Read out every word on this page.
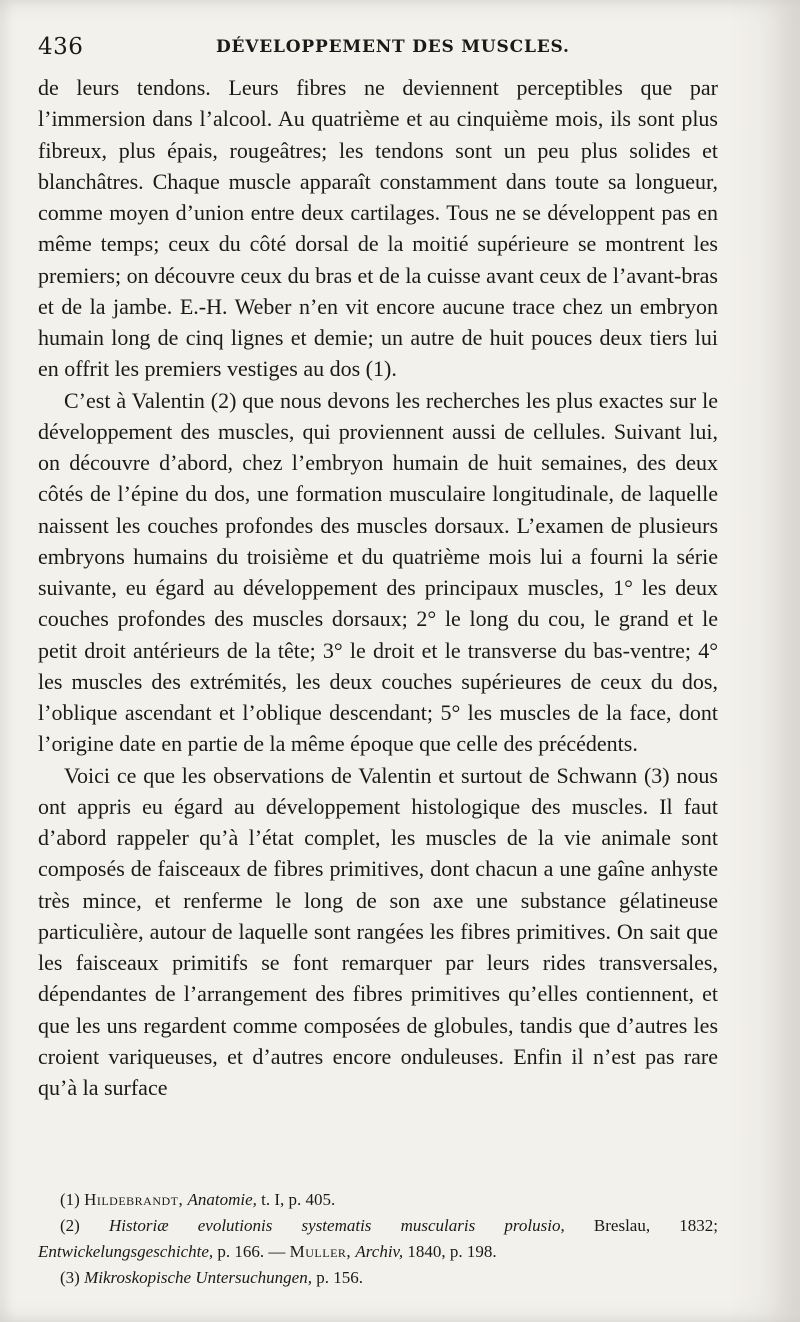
436	DÉVELOPPEMENT DES MUSCLES.

de leurs tendons. Leurs fibres ne deviennent perceptibles que par l’immersion dans l’alcool. Au quatrième et au cinquième mois, ils sont plus fibreux, plus épais, rougeâtres; les tendons sont un peu plus solides et blanchâtres. Chaque muscle apparaît constamment dans toute sa longueur, comme moyen d’union entre deux cartilages. Tous ne se développent pas en même temps; ceux du côté dorsal de la moitié supérieure se montrent les premiers; on découvre ceux du bras et de la cuisse avant ceux de l’avant-bras et de la jambe. E.-H. Weber n’en vit encore aucune trace chez un embryon humain long de cinq lignes et demie; un autre de huit pouces deux tiers lui en offrit les premiers vestiges au dos (1).

C’est à Valentin (2) que nous devons les recherches les plus exactes sur le développement des muscles, qui proviennent aussi de cellules. Suivant lui, on découvre d’abord, chez l’embryon humain de huit semaines, des deux côtés de l’épine du dos, une formation musculaire longitudinale, de laquelle naissent les couches profondes des muscles dorsaux. L’examen de plusieurs embryons humains du troisième et du quatrième mois lui a fourni la série suivante, eu égard au développement des principaux muscles, 1° les deux couches profondes des muscles dorsaux; 2° le long du cou, le grand et le petit droit antérieurs de la tête; 3° le droit et le transverse du bas-ventre; 4° les muscles des extrémités, les deux couches supérieures de ceux du dos, l’oblique ascendant et l’oblique descendant; 5° les muscles de la face, dont l’origine date en partie de la même époque que celle des précédents.

Voici ce que les observations de Valentin et surtout de Schwann (3) nous ont appris eu égard au développement histologique des muscles. Il faut d’abord rappeler qu’à l’état complet, les muscles de la vie animale sont composés de faisceaux de fibres primitives, dont chacun a une gaîne anhyste très mince, et renferme le long de son axe une substance gélatineuse particulière, autour de laquelle sont rangées les fibres primitives. On sait que les faisceaux primitifs se font remarquer par leurs rides transversales, dépendantes de l’arrangement des fibres primitives qu’elles contiennent, et que les uns regardent comme composées de globules, tandis que d’autres les croient variqueuses, et d’autres encore onduleuses. Enfin il n’est pas rare qu’à la surface

(1) Hildebrandt, Anatomie, t. I, p. 405.

(2) Historiæ evolutionis systematis muscularis prolusio, Breslau, 1832; Entwickelungsgeschichte, p. 166. — Muller, Archiv, 1840, p. 198.

(3) Mikroskopische Untersuchungen, p. 156.
